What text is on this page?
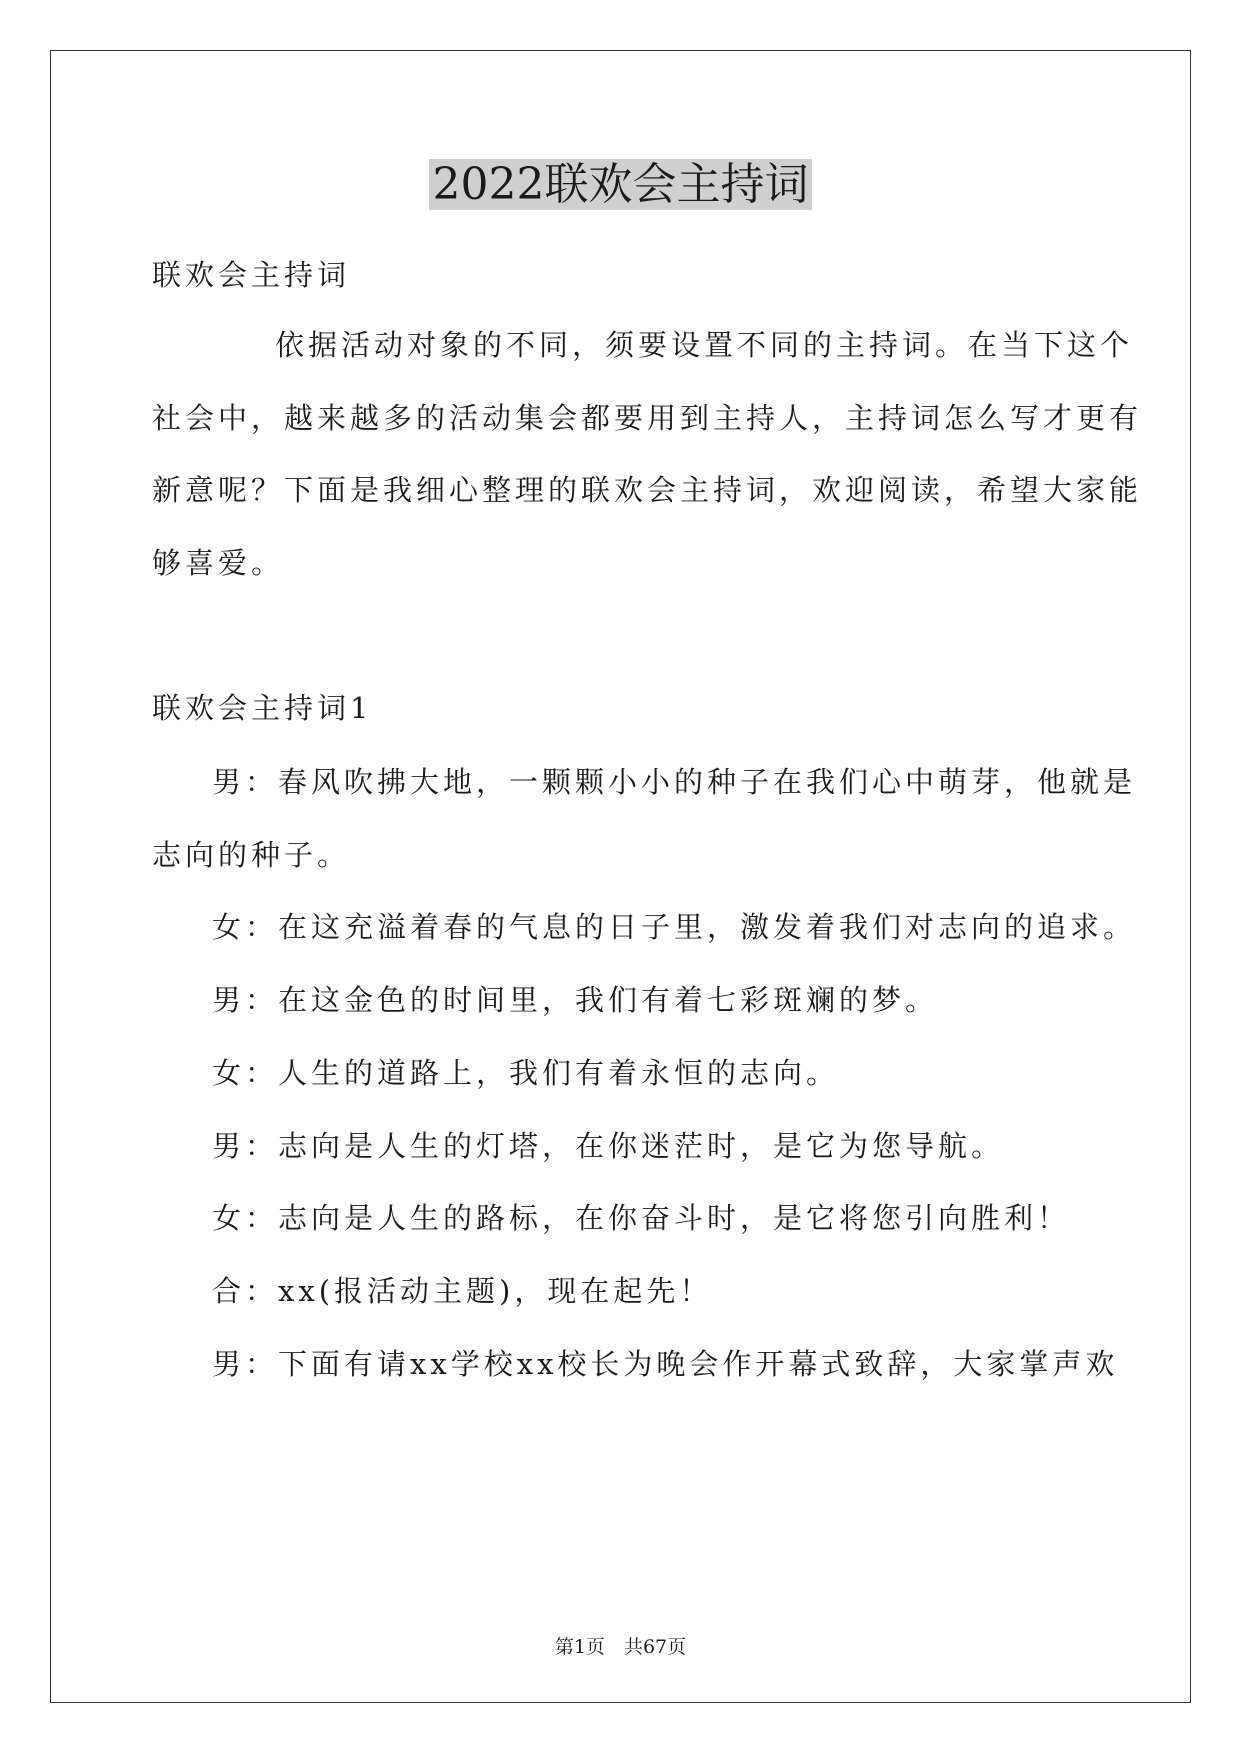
2022联欢会主持词
联欢会主持词
依据活动对象的不同，须要设置不同的主持词。在当下这个
社会中，越来越多的活动集会都要用到主持人，主持词怎么写才更有
新意呢？下面是我细心整理的联欢会主持词，欢迎阅读，希望大家能
够喜爱。
联欢会主持词1
男：春风吹拂大地，一颗颗小小的种子在我们心中萌芽，他就是
志向的种子。
女：在这充溢着春的气息的日子里，激发着我们对志向的追求。
男：在这金色的时间里，我们有着七彩斑斓的梦。
女：人生的道路上，我们有着永恒的志向。
男：志向是人生的灯塔，在你迷茫时，是它为您导航。
女：志向是人生的路标，在你奋斗时，是它将您引向胜利！
合：xx(报活动主题)，现在起先！
男：下面有请xx学校xx校长为晚会作开幕式致辞，大家掌声欢
第1页　共67页
